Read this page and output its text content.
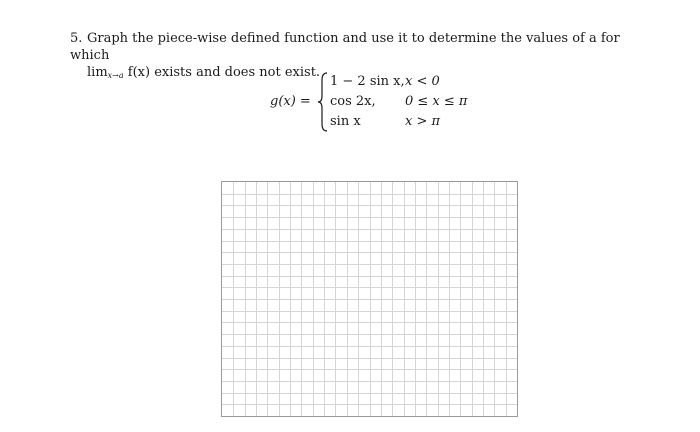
5. Graph the piece-wise defined function and use it to determine the values of a for which
$\lim_{x\to a} f(x)$ exists and does not exist.
g(x) =
1 − 2 sin x, x < 0
cos 2x, 0 ≤ x ≤ π
sin x	x > π
